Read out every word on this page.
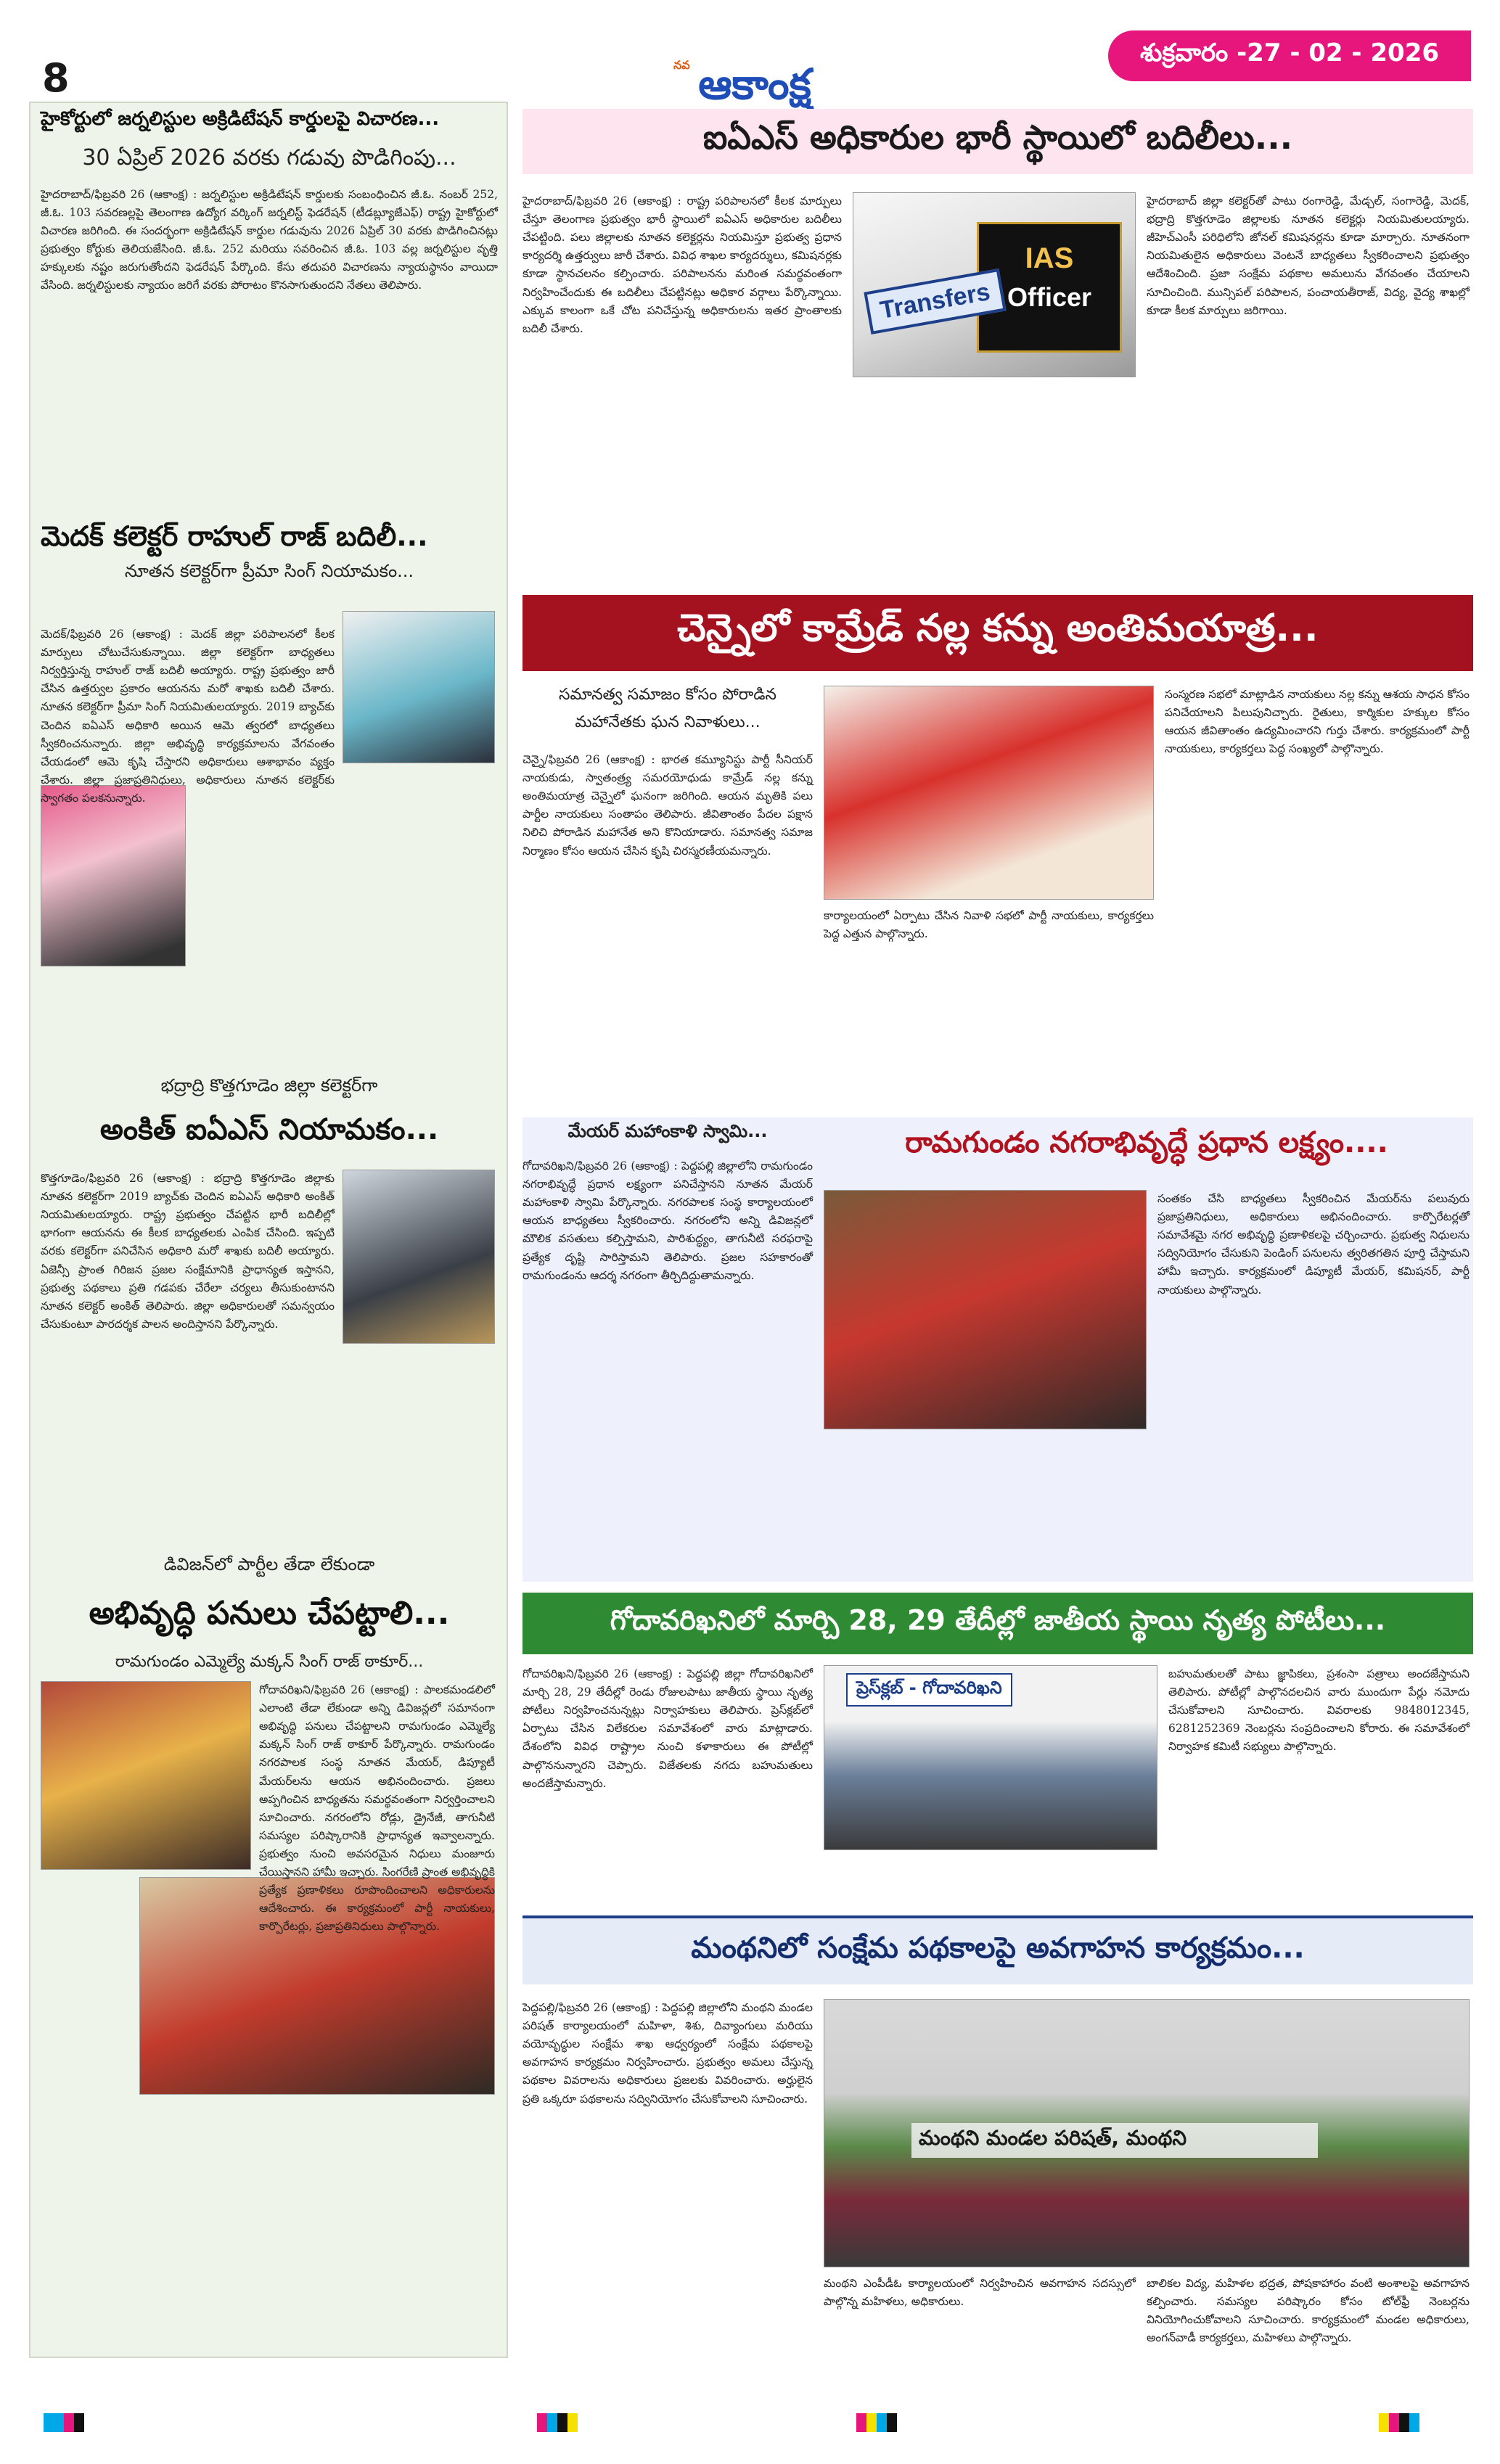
8	నవ ఆకాంక్ష
శుక్రవారం -27 - 02 - 2026
హైకోర్టులో జర్నలిస్టుల అక్రిడిటేషన్ కార్డులపై విచారణ...
30 ఏప్రిల్ 2026 వరకు గడువు పొడిగింపు...
హైదరాబాద్/ఫిబ్రవరి 26 (ఆకాంక్ష) : జర్నలిస్టుల అక్రిడిటేషన్ కార్డులకు సంబంధించిన జీ.ఓ. నంబర్ 252, జీ.ఓ. 103 సవరణల్లపై తెలంగాణ ఉద్యోగ వర్కింగ్ జర్నలిస్ట్ ఫెడరేషన్ (టీడబ్ల్యూజేఎఫ్) రాష్ట్ర హైకోర్టులో విచారణ జరిగింది. ఈ సందర్భంగా అక్రిడిటేషన్ కార్డుల గడువును 2026 ఏప్రిల్ 30 వరకు పొడిగించినట్లు ప్రభుత్వం కోర్టుకు తెలియజేసింది. జీ.ఓ. 252 మరియు సవరించిన జీ.ఓ. 103 వల్ల జర్నలిస్టుల వృత్తి హక్కులకు నష్టం జరుగుతోందని ఫెడరేషన్ పేర్కొంది. కేసు తదుపరి విచారణను న్యాయస్థానం వాయిదా వేసింది. జర్నలిస్టులకు న్యాయం జరిగే వరకు పోరాటం కొనసాగుతుందని నేతలు తెలిపారు.
మెదక్ కలెక్టర్ రాహుల్ రాజ్ బదిలీ...
నూతన కలెక్టర్‌గా ప్రీమా సింగ్ నియామకం...
మెదక్/ఫిబ్రవరి 26 (ఆకాంక్ష) : మెదక్ జిల్లా పరిపాలనలో కీలక మార్పులు చోటుచేసుకున్నాయి. జిల్లా కలెక్టర్‌గా బాధ్యతలు నిర్వర్తిస్తున్న రాహుల్ రాజ్ బదిలీ అయ్యారు. రాష్ట్ర ప్రభుత్వం జారీ చేసిన ఉత్తర్వుల ప్రకారం ఆయనను మరో శాఖకు బదిలీ చేశారు. నూతన కలెక్టర్‌గా ప్రీమా సింగ్ నియమితులయ్యారు. 2019 బ్యాచ్‌కు చెందిన ఐఏఎస్ అధికారి అయిన ఆమె త్వరలో బాధ్యతలు స్వీకరించనున్నారు. జిల్లా అభివృద్ధి కార్యక్రమాలను వేగవంతం చేయడంలో ఆమె కృషి చేస్తారని అధికారులు ఆశాభావం వ్యక్తం చేశారు. జిల్లా ప్రజాప్రతినిధులు, అధికారులు నూతన కలెక్టర్‌కు స్వాగతం పలకనున్నారు.
భద్రాద్రి కొత్తగూడెం జిల్లా కలెక్టర్‌గా
అంకిత్ ఐఏఎస్ నియామకం...
కొత్తగూడెం/ఫిబ్రవరి 26 (ఆకాంక్ష) : భద్రాద్రి కొత్తగూడెం జిల్లాకు నూతన కలెక్టర్‌గా 2019 బ్యాచ్‌కు చెందిన ఐఏఎస్ అధికారి అంకిత్ నియమితులయ్యారు. రాష్ట్ర ప్రభుత్వం చేపట్టిన భారీ బదిలీల్లో భాగంగా ఆయనను ఈ కీలక బాధ్యతలకు ఎంపిక చేసింది. ఇప్పటి వరకు కలెక్టర్‌గా పనిచేసిన అధికారి మరో శాఖకు బదిలీ అయ్యారు. ఏజెన్సీ ప్రాంత గిరిజన ప్రజల సంక్షేమానికి ప్రాధాన్యత ఇస్తానని, ప్రభుత్వ పథకాలు ప్రతి గడపకు చేరేలా చర్యలు తీసుకుంటానని నూతన కలెక్టర్ అంకిత్ తెలిపారు. జిల్లా అధికారులతో సమన్వయం చేసుకుంటూ పారదర్శక పాలన అందిస్తానని పేర్కొన్నారు.
డివిజన్‌లో పార్టీల తేడా లేకుండా
అభివృద్ధి పనులు చేపట్టాలి...
రామగుండం ఎమ్మెల్యే మక్కన్ సింగ్ రాజ్ ఠాకూర్...
గోదావరిఖని/ఫిబ్రవరి 26 (ఆకాంక్ష) : పాలకమండలిలో ఎలాంటి తేడా లేకుండా అన్ని డివిజన్లలో సమానంగా అభివృద్ధి పనులు చేపట్టాలని రామగుండం ఎమ్మెల్యే మక్కన్ సింగ్ రాజ్ ఠాకూర్ పేర్కొన్నారు. రామగుండం నగరపాలక సంస్థ నూతన మేయర్, డిప్యూటీ మేయర్‌లను ఆయన అభినందించారు. ప్రజలు అప్పగించిన బాధ్యతను సమర్థవంతంగా నిర్వర్తించాలని సూచించారు. నగరంలోని రోడ్లు, డ్రైనేజీ, తాగునీటి సమస్యల పరిష్కారానికి ప్రాధాన్యత ఇవ్వాలన్నారు. ప్రభుత్వం నుంచి అవసరమైన నిధులు మంజూరు చేయిస్తానని హామీ ఇచ్చారు. సింగరేణి ప్రాంత అభివృద్ధికి ప్రత్యేక ప్రణాళికలు రూపొందించాలని అధికారులను ఆదేశించారు. ఈ కార్యక్రమంలో పార్టీ నాయకులు, కార్పొరేటర్లు, ప్రజాప్రతినిధులు పాల్గొన్నారు.
ఐఏఎస్ అధికారుల భారీ స్థాయిలో బదిలీలు...
IAS
Officer
Transfers
హైదరాబాద్/ఫిబ్రవరి 26 (ఆకాంక్ష) : రాష్ట్ర పరిపాలనలో కీలక మార్పులు చేస్తూ తెలంగాణ ప్రభుత్వం భారీ స్థాయిలో ఐఏఎస్ అధికారుల బదిలీలు చేపట్టింది. పలు జిల్లాలకు నూతన కలెక్టర్లను నియమిస్తూ ప్రభుత్వ ప్రధాన కార్యదర్శి ఉత్తర్వులు జారీ చేశారు. వివిధ శాఖల కార్యదర్శులు, కమిషనర్లకు కూడా స్థానచలనం కల్పించారు. పరిపాలనను మరింత సమర్థవంతంగా నిర్వహించేందుకు ఈ బదిలీలు చేపట్టినట్లు అధికార వర్గాలు పేర్కొన్నాయి. ఎక్కువ కాలంగా ఒకే చోట పనిచేస్తున్న అధికారులను ఇతర ప్రాంతాలకు బదిలీ చేశారు.
హైదరాబాద్ జిల్లా కలెక్టర్‌తో పాటు రంగారెడ్డి, మేడ్చల్, సంగారెడ్డి, మెదక్, భద్రాద్రి కొత్తగూడెం జిల్లాలకు నూతన కలెక్టర్లు నియమితులయ్యారు. జీహెచ్ఎంసీ పరిధిలోని జోనల్ కమిషనర్లను కూడా మార్చారు. నూతనంగా నియమితులైన అధికారులు వెంటనే బాధ్యతలు స్వీకరించాలని ప్రభుత్వం ఆదేశించింది. ప్రజా సంక్షేమ పథకాల అమలును వేగవంతం చేయాలని సూచించింది. మున్సిపల్ పరిపాలన, పంచాయతీరాజ్, విద్య, వైద్య శాఖల్లో కూడా కీలక మార్పులు జరిగాయి.
చెన్నైలో కామ్రేడ్ నల్ల కన్ను అంతిమయాత్ర...
సమానత్వ సమాజం కోసం పోరాడిన
మహానేతకు ఘన నివాళులు...
చెన్నై/ఫిబ్రవరి 26 (ఆకాంక్ష) : భారత కమ్యూనిస్టు పార్టీ సీనియర్ నాయకుడు, స్వాతంత్ర్య సమరయోధుడు కామ్రేడ్ నల్ల కన్ను అంతిమయాత్ర చెన్నైలో ఘనంగా జరిగింది. ఆయన మృతికి పలు పార్టీల నాయకులు సంతాపం తెలిపారు. జీవితాంతం పేదల పక్షాన నిలిచి పోరాడిన మహానేత అని కొనియాడారు. సమానత్వ సమాజ నిర్మాణం కోసం ఆయన చేసిన కృషి చిరస్మరణీయమన్నారు.
కార్యాలయంలో ఏర్పాటు చేసిన నివాళి సభలో పార్టీ నాయకులు, కార్యకర్తలు పెద్ద ఎత్తున పాల్గొన్నారు.
సంస్మరణ సభలో మాట్లాడిన నాయకులు నల్ల కన్ను ఆశయ సాధన కోసం పనిచేయాలని పిలుపునిచ్చారు. రైతులు, కార్మికుల హక్కుల కోసం ఆయన జీవితాంతం ఉద్యమించారని గుర్తు చేశారు. కార్యక్రమంలో పార్టీ నాయకులు, కార్యకర్తలు పెద్ద సంఖ్యలో పాల్గొన్నారు.
మేయర్ మహాంకాళి స్వామి...	రామగుండం నగరాభివృద్ధే ప్రధాన లక్ష్యం....
గోదావరిఖని/ఫిబ్రవరి 26 (ఆకాంక్ష) : పెద్దపల్లి జిల్లాలోని రామగుండం నగరాభివృద్ధే ప్రధాన లక్ష్యంగా పనిచేస్తానని నూతన మేయర్ మహాంకాళి స్వామి పేర్కొన్నారు. నగరపాలక సంస్థ కార్యాలయంలో ఆయన బాధ్యతలు స్వీకరించారు. నగరంలోని అన్ని డివిజన్లలో మౌలిక వసతులు కల్పిస్తామని, పారిశుద్ధ్యం, తాగునీటి సరఫరాపై ప్రత్యేక దృష్టి సారిస్తామని తెలిపారు. ప్రజల సహకారంతో రామగుండంను ఆదర్శ నగరంగా తీర్చిదిద్దుతామన్నారు.
సంతకం చేసి బాధ్యతలు స్వీకరించిన మేయర్‌ను పలువురు ప్రజాప్రతినిధులు, అధికారులు అభినందించారు. కార్పొరేటర్లతో సమావేశమై నగర అభివృద్ధి ప్రణాళికలపై చర్చించారు. ప్రభుత్వ నిధులను సద్వినియోగం చేసుకుని పెండింగ్ పనులను త్వరితగతిన పూర్తి చేస్తామని హామీ ఇచ్చారు. కార్యక్రమంలో డిప్యూటీ మేయర్, కమిషనర్, పార్టీ నాయకులు పాల్గొన్నారు.
గోదావరిఖనిలో మార్చి 28, 29 తేదీల్లో జాతీయ స్థాయి నృత్య పోటీలు...
గోదావరిఖని/ఫిబ్రవరి 26 (ఆకాంక్ష) : పెద్దపల్లి జిల్లా గోదావరిఖనిలో మార్చి 28, 29 తేదీల్లో రెండు రోజులపాటు జాతీయ స్థాయి నృత్య పోటీలు నిర్వహించనున్నట్లు నిర్వాహకులు తెలిపారు. ప్రెస్‌క్లబ్‌లో ఏర్పాటు చేసిన విలేకరుల సమావేశంలో వారు మాట్లాడారు. దేశంలోని వివిధ రాష్ట్రాల నుంచి కళాకారులు ఈ పోటీల్లో పాల్గొననున్నారని చెప్పారు. విజేతలకు నగదు బహుమతులు అందజేస్తామన్నారు.
ప్రెస్‌క్లబ్ - గోదావరిఖని
బహుమతులతో పాటు జ్ఞాపికలు, ప్రశంసా పత్రాలు అందజేస్తామని తెలిపారు. పోటీల్లో పాల్గొనదలచిన వారు ముందుగా పేర్లు నమోదు చేసుకోవాలని సూచించారు. వివరాలకు 9848012345, 6281252369 నెంబర్లను సంప్రదించాలని కోరారు. ఈ సమావేశంలో నిర్వాహక కమిటీ సభ్యులు పాల్గొన్నారు.
మంథనిలో సంక్షేమ పథకాలపై అవగాహన కార్యక్రమం...
పెద్దపల్లి/ఫిబ్రవరి 26 (ఆకాంక్ష) : పెద్దపల్లి జిల్లాలోని మంథని మండల పరిషత్ కార్యాలయంలో మహిళా, శిశు, దివ్యాంగులు మరియు వయోవృద్ధుల సంక్షేమ శాఖ ఆధ్వర్యంలో సంక్షేమ పథకాలపై అవగాహన కార్యక్రమం నిర్వహించారు. ప్రభుత్వం అమలు చేస్తున్న పథకాల వివరాలను అధికారులు ప్రజలకు వివరించారు. అర్హులైన ప్రతి ఒక్కరూ పథకాలను సద్వినియోగం చేసుకోవాలని సూచించారు.
మంథని మండల పరిషత్, మంథని
మంథని ఎంపీడీఓ కార్యాలయంలో నిర్వహించిన అవగాహన సదస్సులో పాల్గొన్న మహిళలు, అధికారులు.
బాలికల విద్య, మహిళల భద్రత, పోషకాహారం వంటి అంశాలపై అవగాహన కల్పించారు. సమస్యల పరిష్కారం కోసం టోల్‌ఫ్రీ నెంబర్లను వినియోగించుకోవాలని సూచించారు. కార్యక్రమంలో మండల అధికారులు, అంగన్‌వాడీ కార్యకర్తలు, మహిళలు పాల్గొన్నారు.
